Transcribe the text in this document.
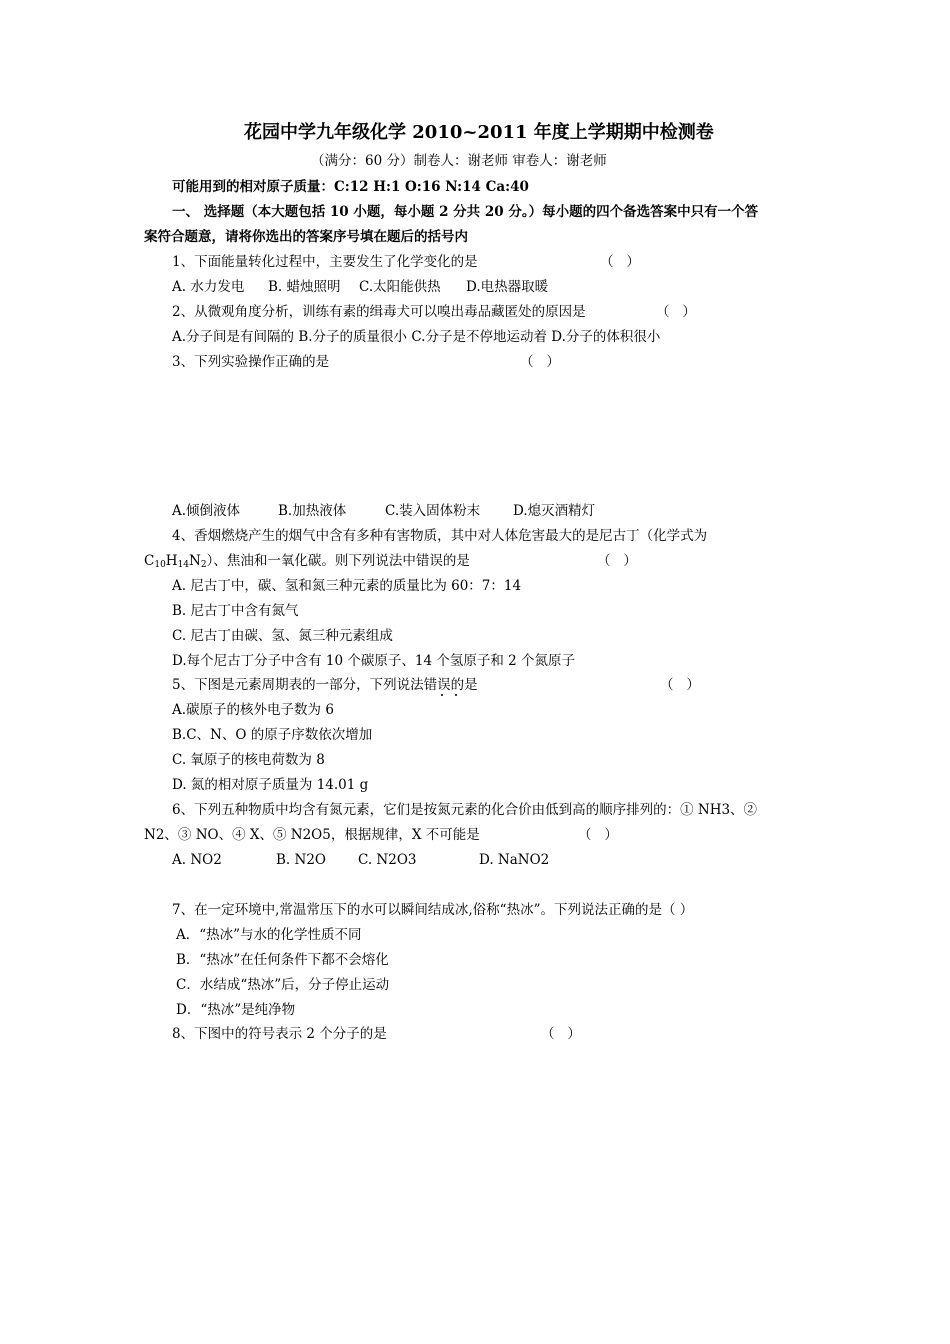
花园中学九年级化学 2010~2011 年度上学期期中检测卷
（满分：60 分）制卷人：谢老师 审卷人：谢老师
可能用到的相对原子质量：C:12 H:1 O:16 N:14 Ca:40
一、 选择题（本大题包括 10 小题，每小题 2 分共 20 分。）每小题的四个备选答案中只有一个答
案符合题意，请将你选出的答案序号填在题后的括号内
1、下面能量转化过程中，主要发生了化学变化的是	（   ）
A. 水力发电 B. 蜡烛照明 C.太阳能供热 D.电热器取暖
2、从微观角度分析，训练有素的缉毒犬可以嗅出毒品藏匿处的原因是	（   ）
A.分子间是有间隔的 B.分子的质量很小 C.分子是不停地运动着 D.分子的体积很小
3、下列实验操作正确的是	（   ）
A.倾倒液体	B.加热液体	C.装入固体粉末 D.熄灭酒精灯
4、香烟燃烧产生的烟气中含有多种有害物质，其中对人体危害最大的是尼古丁（化学式为
$C_{10}H_{14}N_2$）、焦油和一氧化碳。则下列说法中错误的是	（   ）
A. 尼古丁中，碳、氢和氮三种元素的质量比为 60：7：14
B. 尼古丁中含有氮气
C. 尼古丁由碳、氢、氮三种元素组成
D.每个尼古丁分子中含有 10 个碳原子、14 个氢原子和 2 个氮原子
5、下图是元素周期表的一部分，下列说法错误的是	（   ）
A.碳原子的核外电子数为 6
B.C、N、O 的原子序数依次增加
C. 氧原子的核电荷数为 8
D. 氮的相对原子质量为 14.01 g
6、下列五种物质中均含有氮元素，它们是按氮元素的化合价由低到高的顺序排列的：① NH3、②
N2、③ NO、④ X、⑤ N2O5，根据规律，X 不可能是	（   ）
A. NO2	B. N2O C. N2O3	D. NaNO2
7、在一定环境中,常温常压下的水可以瞬间结成冰,俗称“热冰”。下列说法正确的是（ ）
A．“热冰”与水的化学性质不同
B．“热冰”在任何条件下都不会熔化
C．水结成“热冰”后，分子停止运动
D．“热冰”是纯净物
8、下图中的符号表示 2 个分子的是	（   ）
